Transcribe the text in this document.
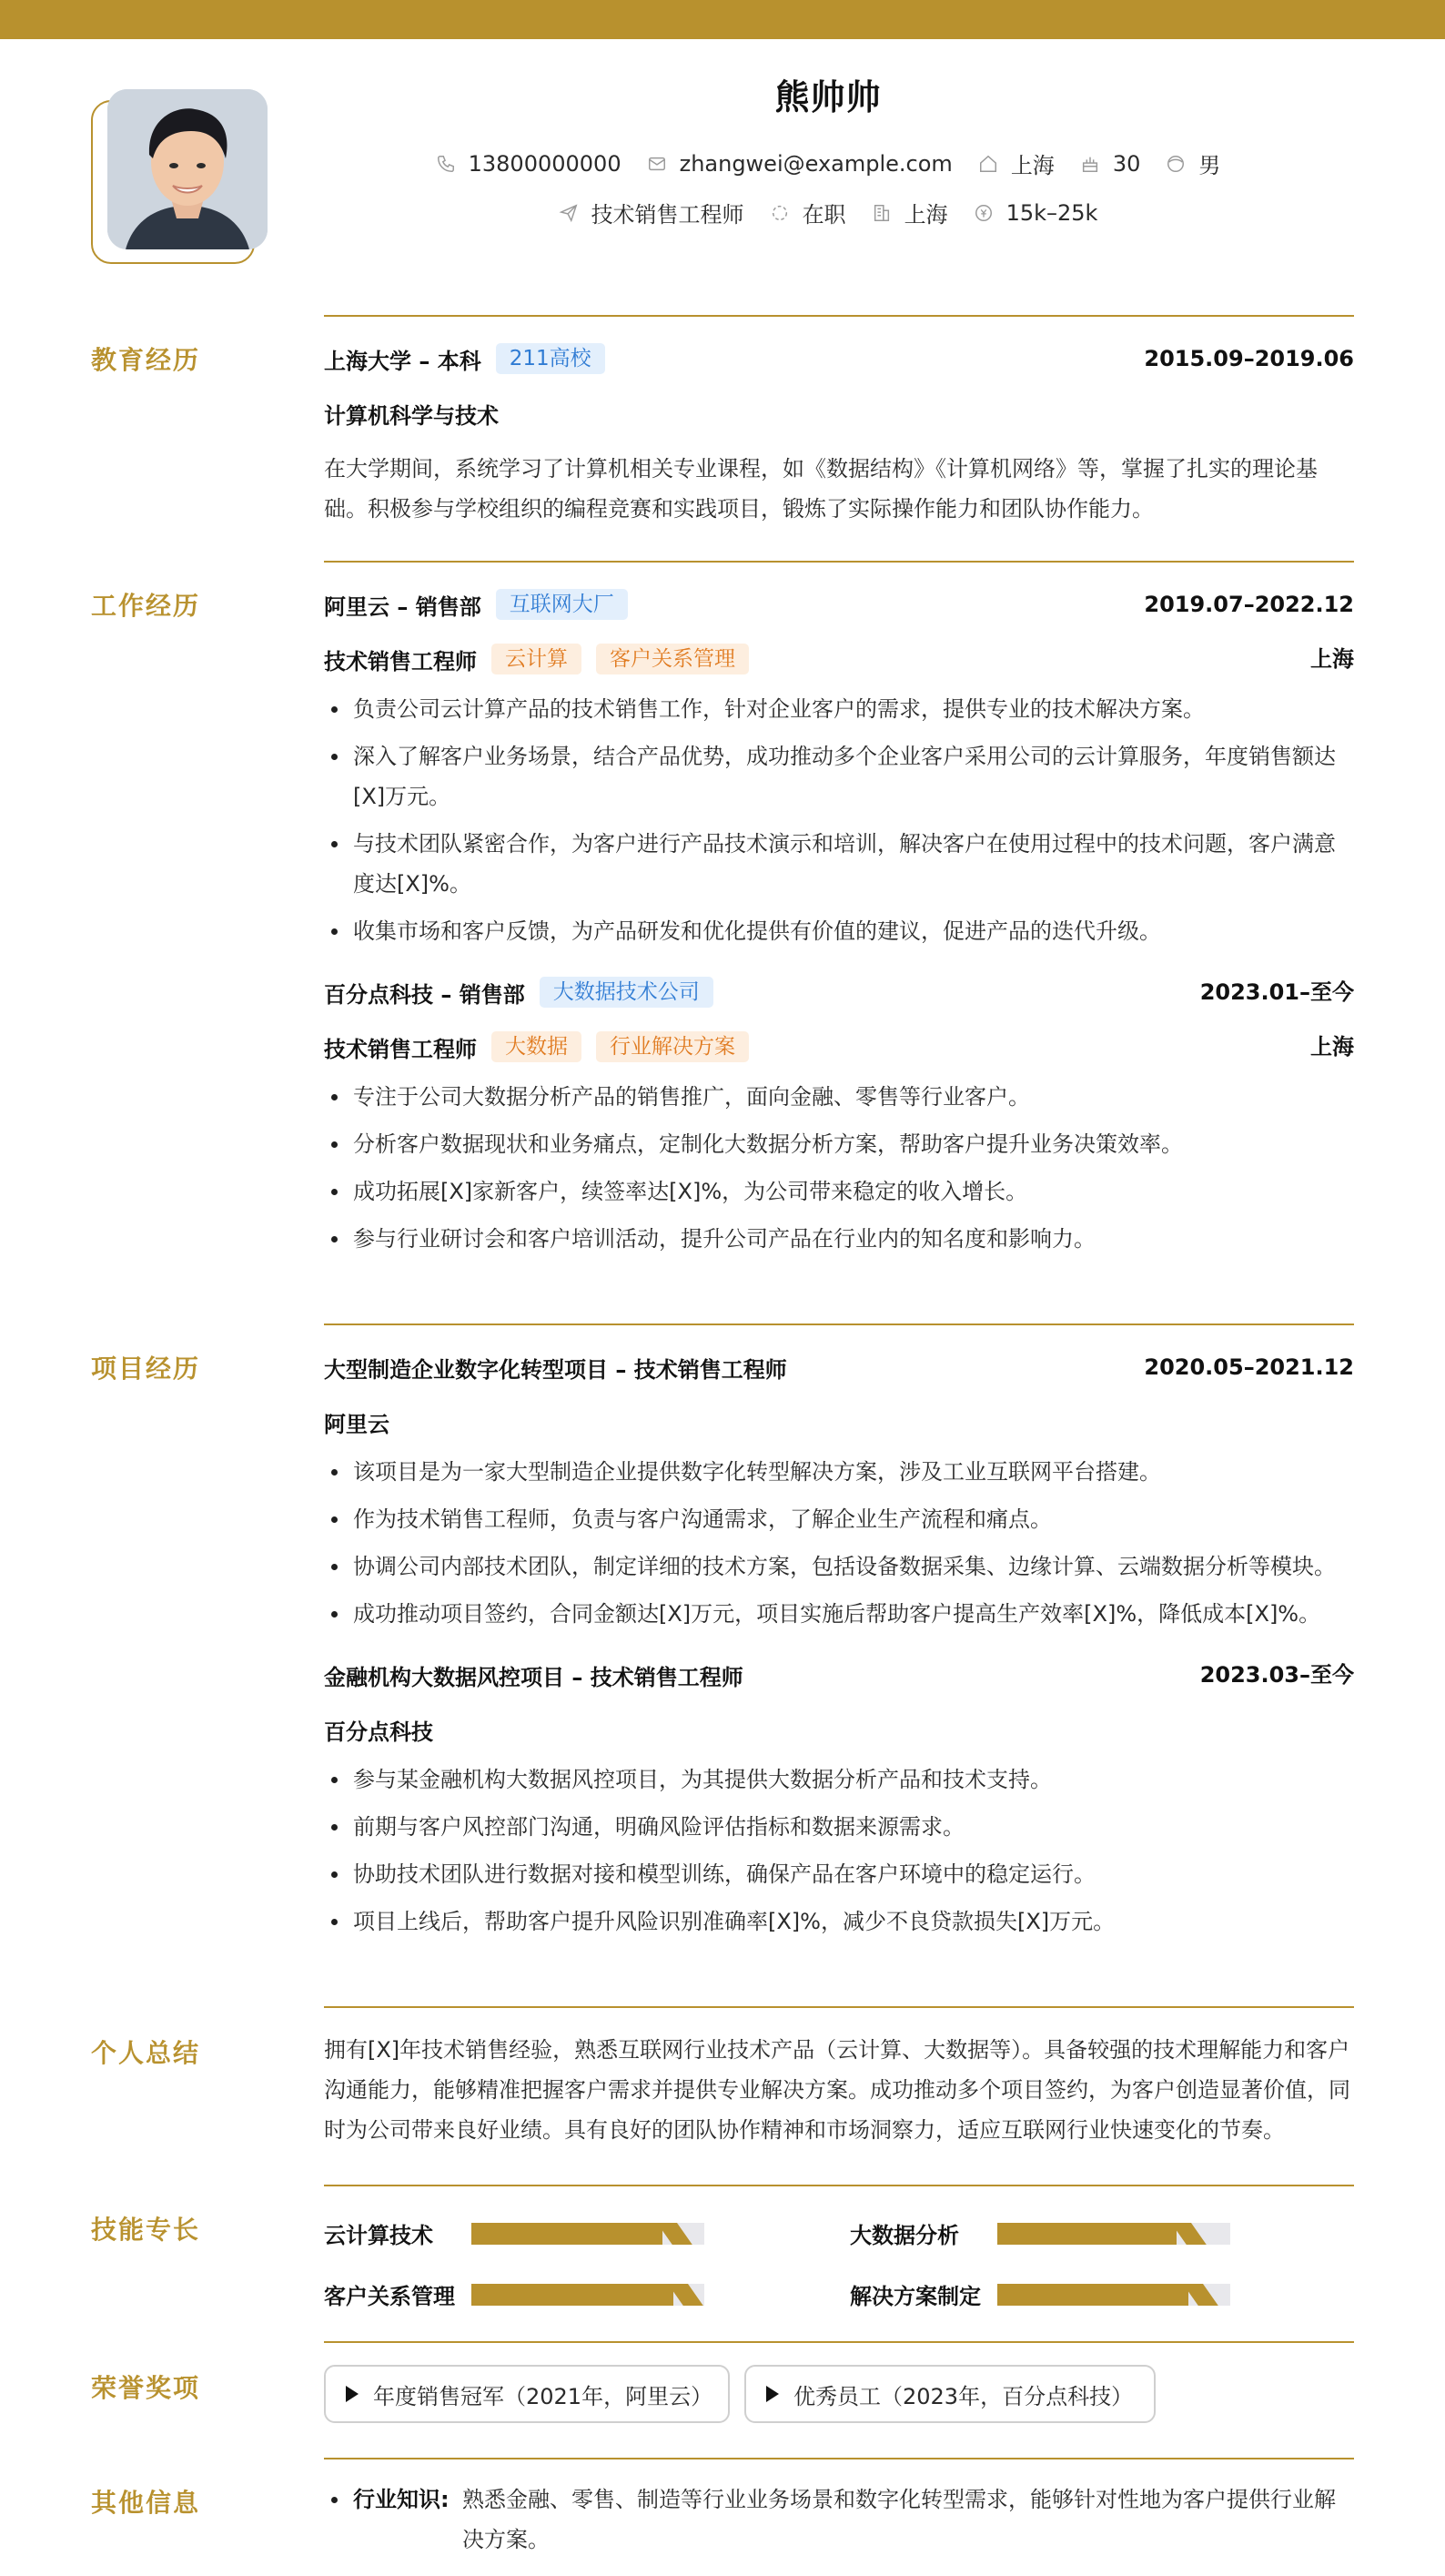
熊帅帅
13800000000	zhangwei@example.com	上海	30	男
技术销售工程师	在职	上海	15k–25k
教育经历	上海大学 – 本科	211高校	2015.09–2019.06
计算机科学与技术
在大学期间，系统学习了计算机相关专业课程，如《数据结构》《计算机网络》等，掌握了扎实的理论基
础。积极参与学校组织的编程竞赛和实践项目，锻炼了实际操作能力和团队协作能力。
工作经历	阿里云 – 销售部	互联网大厂	2019.07–2022.12
技术销售工程师	云计算	客户关系管理	上海
负责公司云计算产品的技术销售工作，针对企业客户的需求，提供专业的技术解决方案。
深入了解客户业务场景，结合产品优势，成功推动多个企业客户采用公司的云计算服务，年度销售额达[X]万元。
与技术团队紧密合作，为客户进行产品技术演示和培训，解决客户在使用过程中的技术问题，客户满意度达[X]%。
收集市场和客户反馈，为产品研发和优化提供有价值的建议，促进产品的迭代升级。
百分点科技 – 销售部	大数据技术公司	2023.01–至今
技术销售工程师	大数据	行业解决方案	上海
专注于公司大数据分析产品的销售推广，面向金融、零售等行业客户。
分析客户数据现状和业务痛点，定制化大数据分析方案，帮助客户提升业务决策效率。
成功拓展[X]家新客户，续签率达[X]%，为公司带来稳定的收入增长。
参与行业研讨会和客户培训活动，提升公司产品在行业内的知名度和影响力。
项目经历	大型制造企业数字化转型项目 – 技术销售工程师	2020.05–2021.12
阿里云
该项目是为一家大型制造企业提供数字化转型解决方案，涉及工业互联网平台搭建。
作为技术销售工程师，负责与客户沟通需求，了解企业生产流程和痛点。
协调公司内部技术团队，制定详细的技术方案，包括设备数据采集、边缘计算、云端数据分析等模块。
成功推动项目签约，合同金额达[X]万元，项目实施后帮助客户提高生产效率[X]%，降低成本[X]%。
金融机构大数据风控项目 – 技术销售工程师	2023.03–至今
百分点科技
参与某金融机构大数据风控项目，为其提供大数据分析产品和技术支持。
前期与客户风控部门沟通，明确风险评估指标和数据来源需求。
协助技术团队进行数据对接和模型训练，确保产品在客户环境中的稳定运行。
项目上线后，帮助客户提升风险识别准确率[X]%，减少不良贷款损失[X]万元。
个人总结	拥有[X]年技术销售经验，熟悉互联网行业技术产品（云计算、大数据等）。具备较强的技术理解能力和客户
沟通能力，能够精准把握客户需求并提供专业解决方案。成功推动多个项目签约，为客户创造显著价值，同
时为公司带来良好业绩。具有良好的团队协作精神和市场洞察力，适应互联网行业快速变化的节奏。
技能专长	云计算技术	大数据分析
客户关系管理	解决方案制定
荣誉奖项	年度销售冠军（2021年，阿里云）	优秀员工（2023年，百分点科技）
其他信息	行业知识: 熟悉金融、零售、制造等行业业务场景和数字化转型需求，能够针对性地为客户提供行业解
决方案。
